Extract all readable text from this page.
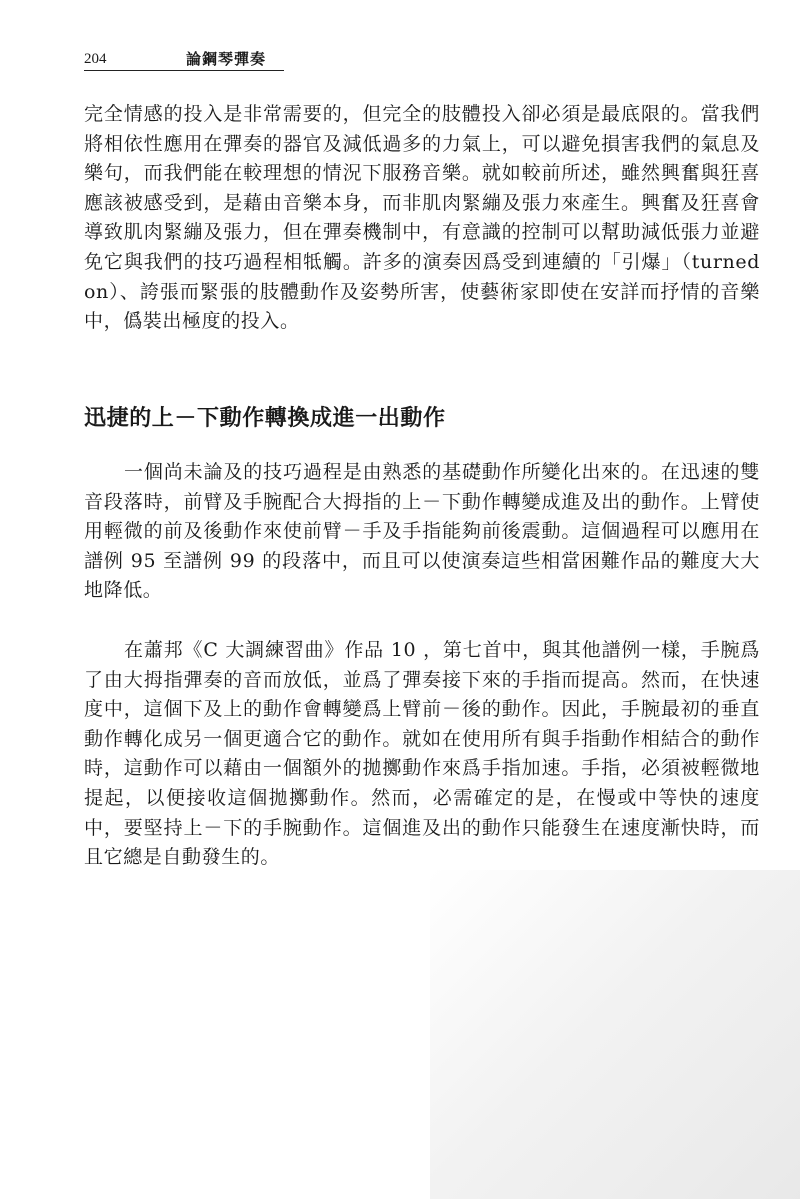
204	論鋼琴彈奏

完全情感的投入是非常需要的，但完全的肢體投入卻必須是最底限的。當我們將相依性應用在彈奏的器官及減低過多的力氣上，可以避免損害我們的氣息及樂句，而我們能在較理想的情況下服務音樂。就如較前所述，雖然興奮與狂喜應該被感受到，是藉由音樂本身，而非肌肉緊繃及張力來產生。興奮及狂喜會導致肌肉緊繃及張力，但在彈奏機制中，有意識的控制可以幫助減低張力並避免它與我們的技巧過程相牴觸。許多的演奏因爲受到連續的「引爆」（turned on）、誇張而緊張的肢體動作及姿勢所害，使藝術家即使在安詳而抒情的音樂中，僞裝出極度的投入。

迅捷的上－下動作轉換成進一出動作

一個尚未論及的技巧過程是由熟悉的基礎動作所變化出來的。在迅速的雙音段落時，前臂及手腕配合大拇指的上－下動作轉變成進及出的動作。上臂使用輕微的前及後動作來使前臂－手及手指能夠前後震動。這個過程可以應用在譜例 95 至譜例 99 的段落中，而且可以使演奏這些相當困難作品的難度大大地降低。

在蕭邦《C 大調練習曲》作品 10 ，第七首中，與其他譜例一樣，手腕爲了由大拇指彈奏的音而放低，並爲了彈奏接下來的手指而提高。然而，在快速度中，這個下及上的動作會轉變爲上臂前－後的動作。因此，手腕最初的垂直動作轉化成另一個更適合它的動作。就如在使用所有與手指動作相結合的動作時，這動作可以藉由一個額外的拋擲動作來爲手指加速。手指，必須被輕微地提起，以便接收這個拋擲動作。然而，必需確定的是，在慢或中等快的速度中，要堅持上－下的手腕動作。這個進及出的動作只能發生在速度漸快時，而且它總是自動發生的。
